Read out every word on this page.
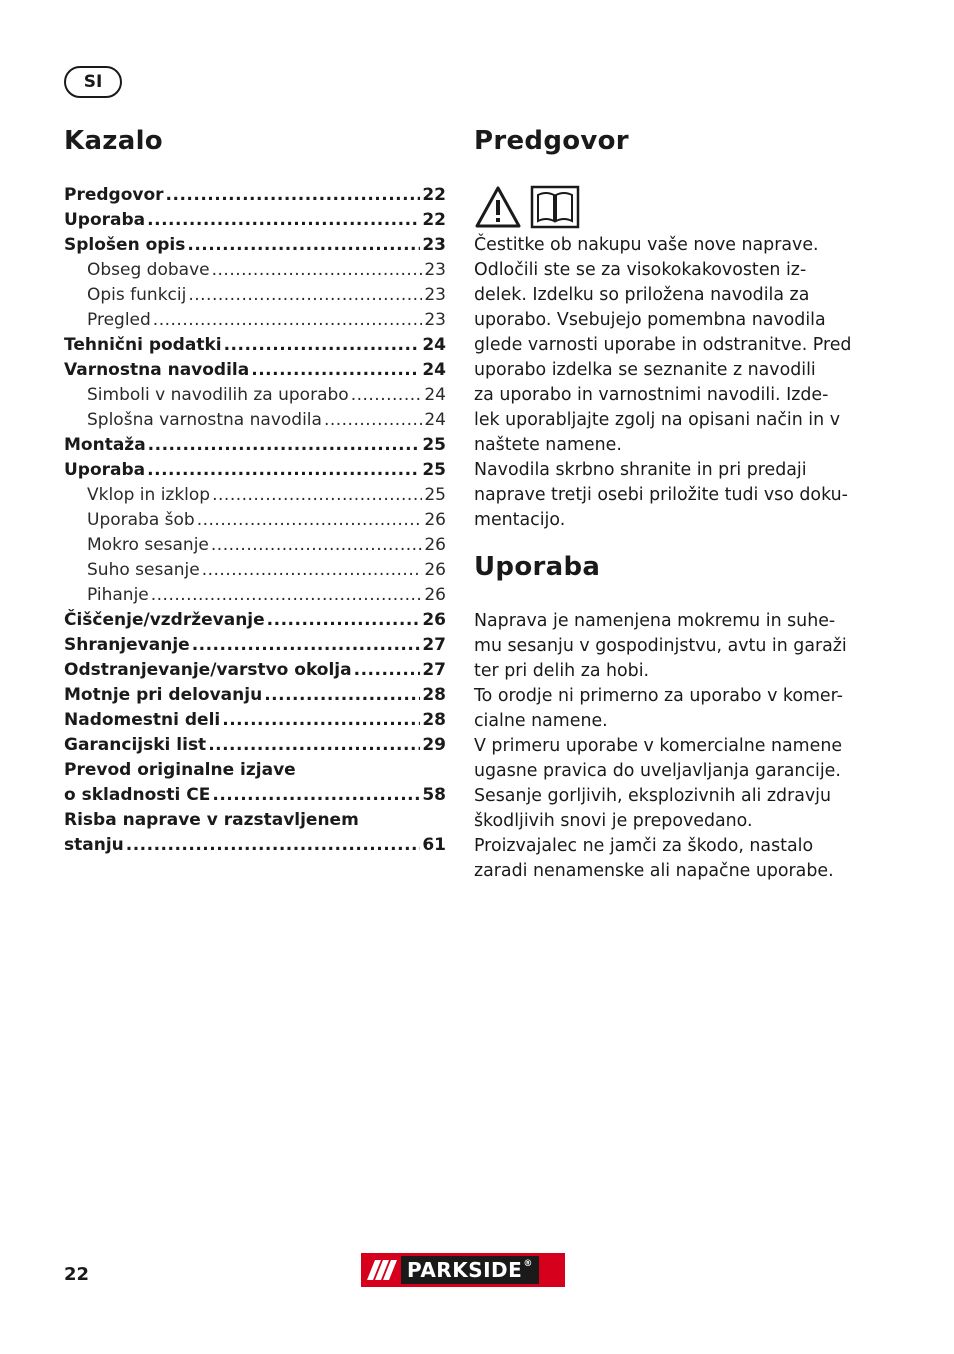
SI
Kazalo
Predgovor .....	22
Uporaba .....	22
Splošen opis .....	23
Obseg dobave .....	23
Opis funkcij .....	23
Pregled .....	23
Tehnični podatki .....	24
Varnostna navodila .....	24
Simboli v navodilih za uporabo .....	24
Splošna varnostna navodila .....	24
Montaža .....	25
Uporaba .....	25
Vklop in izklop .....	25
Uporaba šob .....	26
Mokro sesanje .....	26
Suho sesanje .....	26
Pihanje .....	26
Čiščenje/vzdrževanje .....	26
Shranjevanje .....	27
Odstranjevanje/varstvo okolja .....	27
Motnje pri delovanju .....	28
Nadomestni deli .....	28
Garancijski list .....	29
Prevod originalne izjave
o skladnosti CE .....	58
Risba naprave v razstavljenem
stanju .....	61
Predgovor
Čestitke ob nakupu vaše nove naprave.
Odločili ste se za visokokakovosten iz-
delek. Izdelku so priložena navodila za
uporabo. Vsebujejo pomembna navodila
glede varnosti uporabe in odstranitve. Pred
uporabo izdelka se seznanite z navodili
za uporabo in varnostnimi navodili. Izde-
lek uporabljajte zgolj na opisani način in v
naštete namene.
Navodila skrbno shranite in pri predaji
naprave tretji osebi priložite tudi vso doku-
mentacijo.
Uporaba
Naprava je namenjena mokremu in suhe-
mu sesanju v gospodinjstvu, avtu in garaži
ter pri delih za hobi.
To orodje ni primerno za uporabo v komer-
cialne namene.
V primeru uporabe v komercialne namene
ugasne pravica do uveljavljanja garancije.
Sesanje gorljivih, eksplozivnih ali zdravju
škodljivih snovi je prepovedano.
Proizvajalec ne jamči za škodo, nastalo
zaradi nenamenske ali napačne uporabe.
22	PARKSIDE ®
